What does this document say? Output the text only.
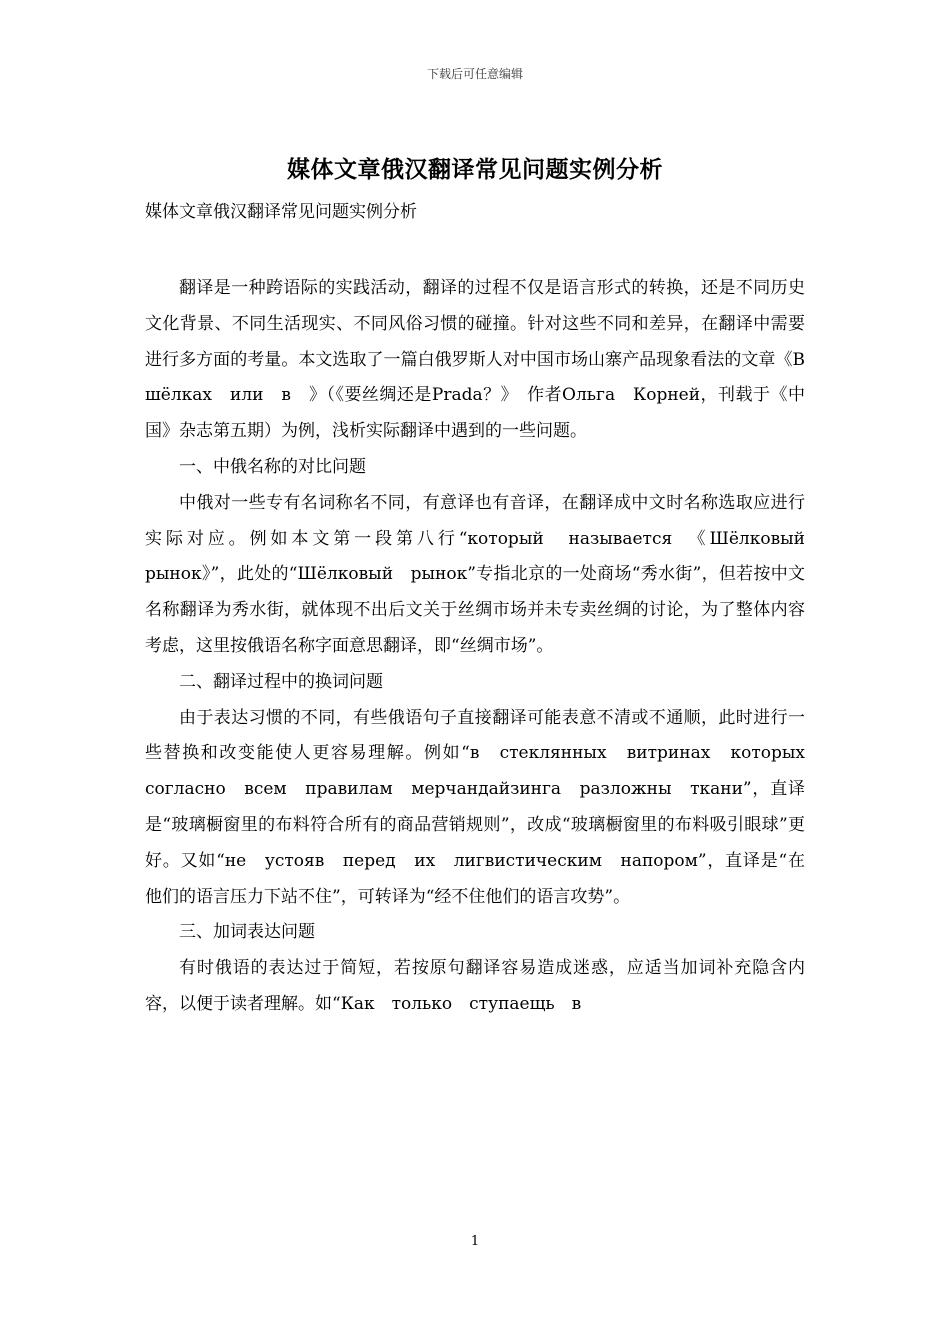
下载后可任意编辑
媒体文章俄汉翻译常见问题实例分析
媒体文章俄汉翻译常见问题实例分析

翻译是一种跨语际的实践活动，翻译的过程不仅是语言形式的转换，还是不同历史文化背景、不同生活现实、不同风俗习惯的碰撞。针对这些不同和差异，在翻译中需要进行多方面的考量。本文选取了一篇白俄罗斯人对中国市场山寨产品现象看法的文章《В　шёлках　или　в　》（《要丝绸还是Prada？》　作者Ольга　Корней，刊载于《中国》杂志第五期）为例，浅析实际翻译中遇到的一些问题。

一、中俄名称的对比问题

中俄对一些专有名词称名不同，有意译也有音译，在翻译成中文时名称选取应进行实际对应。例如本文第一段第八行“который　называется　《Шёлковый　рынок》”，此处的“Шёлковый　рынок”专指北京的一处商场“秀水街”，但若按中文名称翻译为秀水街，就体现不出后文关于丝绸市场并未专卖丝绸的讨论，为了整体内容考虑，这里按俄语名称字面意思翻译，即“丝绸市场”。

二、翻译过程中的换词问题

由于表达习惯的不同，有些俄语句子直接翻译可能表意不清或不通顺，此时进行一些替换和改变能使人更容易理解。例如“в　стеклянных　витринах　которых　согласно　всем　правилам　мерчандайзинга　разложны　ткани”，直译是“玻璃橱窗里的布料符合所有的商品营销规则”，改成“玻璃橱窗里的布料吸引眼球”更好。又如“не　устояв　перед　их　лигвистическим　напором”，直译是“在他们的语言压力下站不住”，可转译为“经不住他们的语言攻势”。

三、加词表达问题

有时俄语的表达过于简短，若按原句翻译容易造成迷惑，应适当加词补充隐含内容，以便于读者理解。如“Как　только　ступаещь　в

1
